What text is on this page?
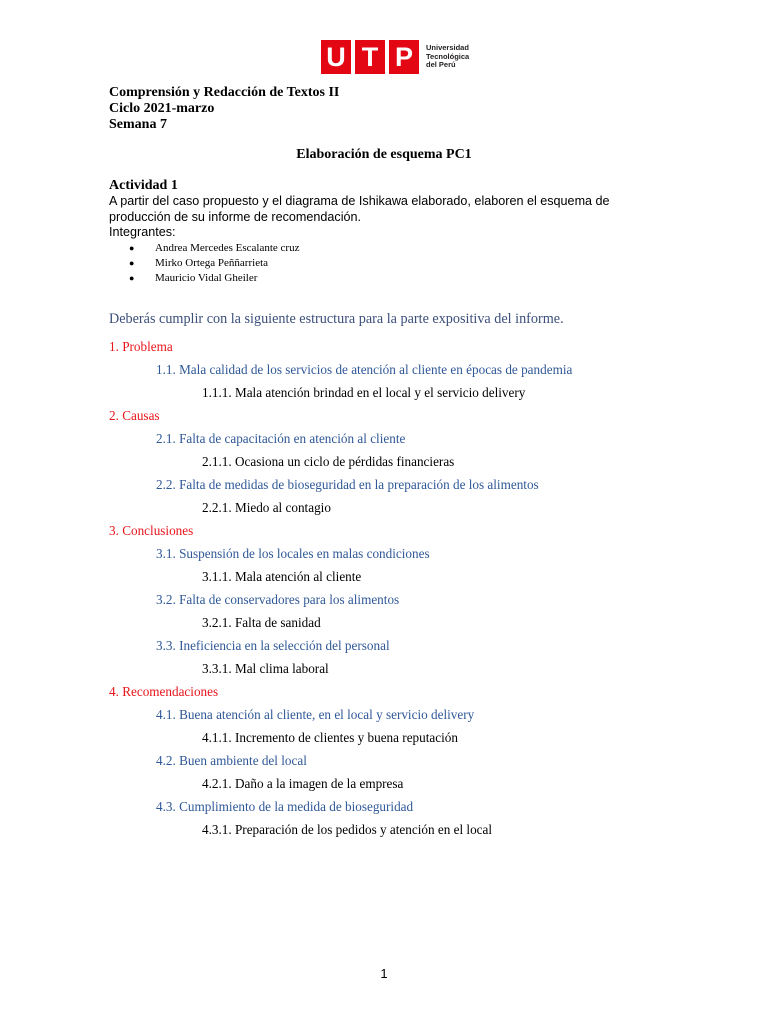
U T P	Universidad
Tecnológica
del Perú
Comprensión y Redacción de Textos II
Ciclo 2021-marzo
Semana 7
Elaboración de esquema PC1
Actividad 1
A partir del caso propuesto y el diagrama de Ishikawa elaborado, elaboren el esquema de producción de su informe de recomendación.
Integrantes:
● Andrea Mercedes Escalante cruz
● Mirko Ortega Peññarrieta
● Mauricio Vidal Gheiler
Deberás cumplir con la siguiente estructura para la parte expositiva del informe.
1. Problema
1.1. Mala calidad de los servicios de atención al cliente en épocas de pandemia
1.1.1. Mala atención brindad en el local y el servicio delivery
2. Causas
2.1. Falta de capacitación en atención al cliente
2.1.1. Ocasiona un ciclo de pérdidas financieras
2.2. Falta de medidas de bioseguridad en la preparación de los alimentos
2.2.1. Miedo al contagio
3. Conclusiones
3.1. Suspensión de los locales en malas condiciones
3.1.1. Mala atención al cliente
3.2. Falta de conservadores para los alimentos
3.2.1. Falta de sanidad
3.3. Ineficiencia en la selección del personal
3.3.1. Mal clima laboral
4. Recomendaciones
4.1. Buena atención al cliente, en el local y servicio delivery
4.1.1. Incremento de clientes y buena reputación
4.2. Buen ambiente del local
4.2.1. Daño a la imagen de la empresa
4.3. Cumplimiento de la medida de bioseguridad
4.3.1. Preparación de los pedidos y atención en el local
1
